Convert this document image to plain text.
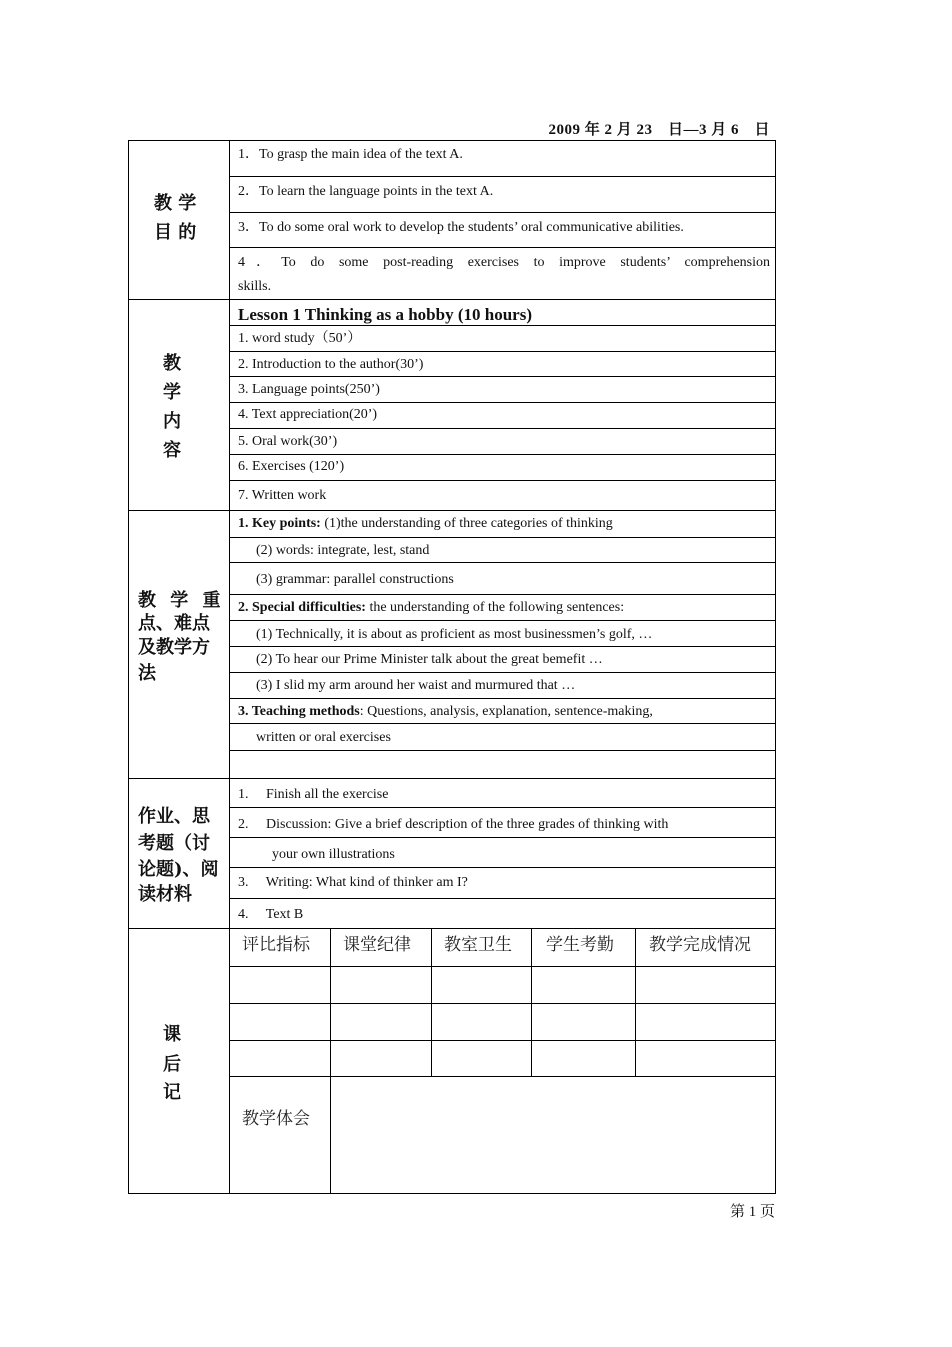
2009 年 2 月 23　日—3 月 6　日
教 学
目 的
1．To grasp the main idea of the text A.
2．To learn the language points in the text A.
3．To do some oral work to develop the students’ oral communicative abilities.
4．To do some post-reading exercises to improve students’ comprehension
skills.
教
学
内
容
Lesson 1 Thinking as a hobby (10 hours)
1. word study（50’）
2. Introduction to the author(30’)
3. Language points(250’)
4. Text appreciation(20’)
5. Oral work(30’)
6. Exercises (120’)
7. Written work
教 学 重
点、难点
及教学方
法
1. Key points: (1)the understanding of three categories of thinking
(2) words: integrate, lest, stand
(3) grammar: parallel constructions
2. Special difficulties: the understanding of the following sentences:
(1) Technically, it is about as proficient as most businessmen’s golf, …
(2) To hear our Prime Minister talk about the great bemefit …
(3) I slid my arm around her waist and murmured that …
3. Teaching methods: Questions, analysis, explanation, sentence-making,
written or oral exercises
作业、思
考题（讨
论题)、阅
读材料
1.　 Finish all the exercise
2.　 Discussion: Give a brief description of the three grades of thinking with
your own illustrations
3.　 Writing: What kind of thinker am I?
4.　 Text B
课
后
记
评比指标 课堂纪律 教室卫生 学生考勤 教学完成情况
教学体会
第 1 页
